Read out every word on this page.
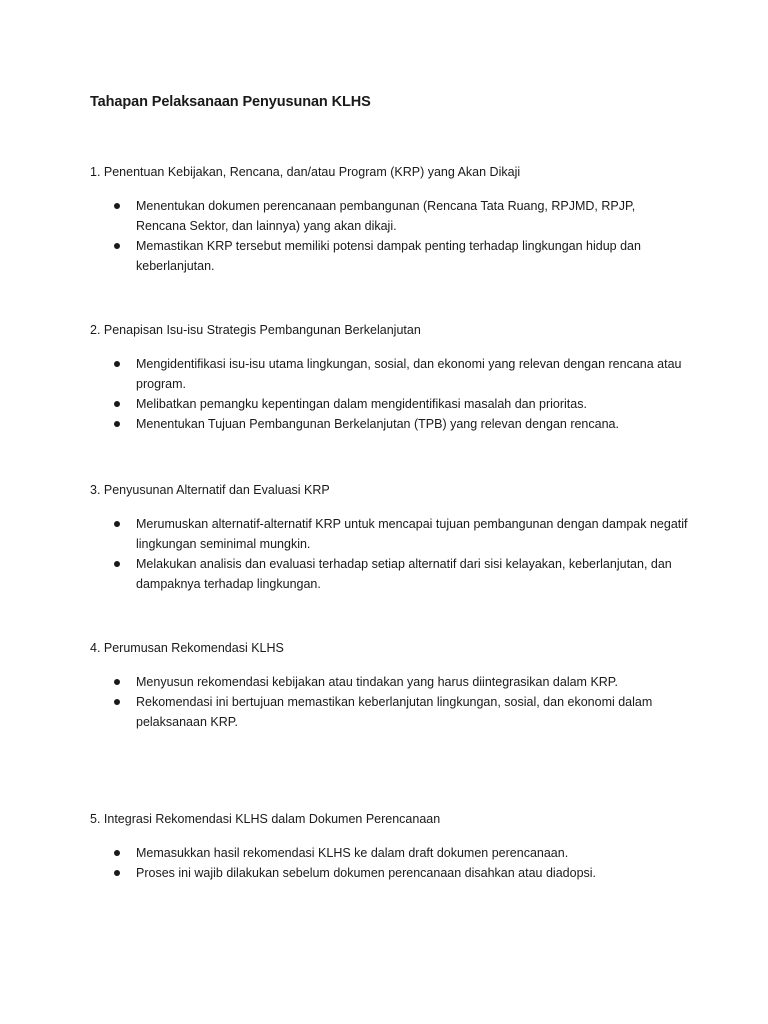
Tahapan Pelaksanaan Penyusunan KLHS

1. Penentuan Kebijakan, Rencana, dan/atau Program (KRP) yang Akan Dikaji

Menentukan dokumen perencanaan pembangunan (Rencana Tata Ruang, RPJMD, RPJP, Rencana Sektor, dan lainnya) yang akan dikaji.
Memastikan KRP tersebut memiliki potensi dampak penting terhadap lingkungan hidup dan keberlanjutan.

2. Penapisan Isu-isu Strategis Pembangunan Berkelanjutan

Mengidentifikasi isu-isu utama lingkungan, sosial, dan ekonomi yang relevan dengan rencana atau program.
Melibatkan pemangku kepentingan dalam mengidentifikasi masalah dan prioritas.
Menentukan Tujuan Pembangunan Berkelanjutan (TPB) yang relevan dengan rencana.

3. Penyusunan Alternatif dan Evaluasi KRP

Merumuskan alternatif-alternatif KRP untuk mencapai tujuan pembangunan dengan dampak negatif lingkungan seminimal mungkin.
Melakukan analisis dan evaluasi terhadap setiap alternatif dari sisi kelayakan, keberlanjutan, dan dampaknya terhadap lingkungan.

4. Perumusan Rekomendasi KLHS

Menyusun rekomendasi kebijakan atau tindakan yang harus diintegrasikan dalam KRP.
Rekomendasi ini bertujuan memastikan keberlanjutan lingkungan, sosial, dan ekonomi dalam pelaksanaan KRP.

5. Integrasi Rekomendasi KLHS dalam Dokumen Perencanaan

Memasukkan hasil rekomendasi KLHS ke dalam draft dokumen perencanaan.
Proses ini wajib dilakukan sebelum dokumen perencanaan disahkan atau diadopsi.
